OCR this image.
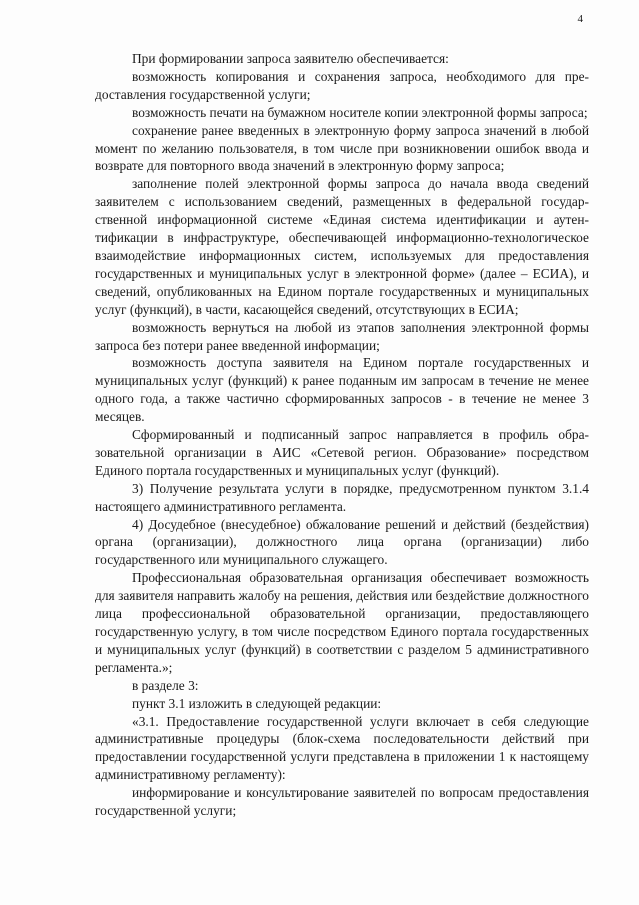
4

При формировании запроса заявителю обеспечивается:

возможность копирования и сохранения запроса, необходимого для предоставления государственной услуги;

возможность печати на бумажном носителе копии электронной формы запроса;

сохранение ранее введенных в электронную форму запроса значений в любой момент по желанию пользователя, в том числе при возникновении ошибок ввода и возврате для повторного ввода значений в электронную форму запроса;

заполнение полей электронной формы запроса до начала ввода сведений заявителем с использованием сведений, размещенных в федеральной государственной информационной системе «Единая система идентификации и аутентификации в инфраструктуре, обеспечивающей информационно-технологическое взаимодействие информационных систем, используемых для предоставления государственных и муниципальных услуг в электронной форме» (далее – ЕСИА), и сведений, опубликованных на Едином портале государственных и муниципальных услуг (функций), в части, касающейся сведений, отсутствующих в ЕСИА;

возможность вернуться на любой из этапов заполнения электронной формы запроса без потери ранее введенной информации;

возможность доступа заявителя на Едином портале государственных и муниципальных услуг (функций) к ранее поданным им запросам в течение не менее одного года, а также частично сформированных запросов - в течение не менее 3 месяцев.

Сформированный и подписанный запрос направляется в профиль образовательной организации в АИС «Сетевой регион. Образование» посредством Единого портала государственных и муниципальных услуг (функций).

3) Получение результата услуги в порядке, предусмотренном пунктом 3.1.4 настоящего административного регламента.

4) Досудебное (внесудебное) обжалование решений и действий (бездействия) органа (организации), должностного лица органа (организации) либо государственного или муниципального служащего.

Профессиональная образовательная организация обеспечивает возможность для заявителя направить жалобу на решения, действия или бездействие должностного лица профессиональной образовательной организации, предоставляющего государственную услугу, в том числе посредством Единого портала государственных и муниципальных услуг (функций) в соответствии с разделом 5 административного регламента.»;

в разделе 3:

пункт 3.1 изложить в следующей редакции:

«3.1. Предоставление государственной услуги включает в себя следующие административные процедуры (блок-схема последовательности действий при предоставлении государственной услуги представлена в приложении 1 к настоящему административному регламенту):

информирование и консультирование заявителей по вопросам предоставления государственной услуги;
